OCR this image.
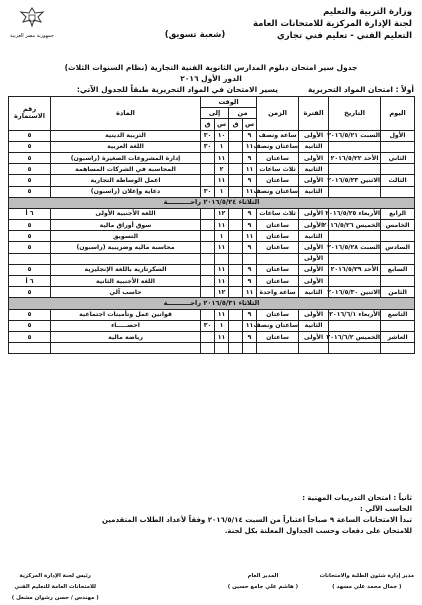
وزارة التربية والتعليم
لجنة الإدارة المركزية للامتحانات العامة
التعليم الفني - تعليم فني تجاري
جمهورية مصر العربية	(شعبة تسويق)
جدول سير امتحان دبلوم المدارس الثانوية الفنية التجارية (نظام السنوات الثلاث)
الدور الأول ٢٠١٦
أولاً : امتحان المواد التحريرية
يسير الامتحان في المواد التحريرية طبقاً للجدول الآتي:
اليوم	التاريخ	الفترة	الزمن	الوقت				المادة	رقم الاستمارة
				من		إلى			
				س	ق	س	ق		
الأول	السبت ٢٠١٦/٥/٢١	الأولى	ساعة ونصف	٩		١٠	٣٠	التربية الدينية	٥
		الثانية	ساعتان ونصف	١١		١	٣٠	اللغة العربية	٥
الثاني	الأحد ٢٠١٦/٥/٢٢	الأولى	ساعتان	٩		١١		إدارة المشروعات الصغيرة (راسبون)	٥
		الثانية	ثلاث ساعات	١١		٢		المحاسبة في الشركات المساهمة	٥
الثالث	الاثنين ٢٠١٦/٥/٢٣	الأولى	ساعتان	٩		١١		اعمل الوساطة التجارية	٥
		الثانية	ساعتان ونصف	١١		١	٣٠	دعاية وإعلان (راسبون)	٥
الثلاثاء ٢٠١٦/٥/٢٤ راحــــــــــة									
الرابع	الأربعاء ٢٠١٦/٥/٢٥	الأولى	ثلاث ساعات	٩		١٢		اللغة الأجنبية الأولى	٦ أ
الخامس	الخميس ٢٠١٦/٥/٢٦	الأولى	ساعتان	٩		١١		سوق أوراق مالية	٥
		الثانية	ساعتان	١١		١		التسويق	٥
السادس	السبت ٢٠١٦/٥/٢٨	الأولى	ساعتان	٩		١١		محاسبة مالية وضريبية (راسبون)	٥
		الأولى							
السابع	الأحد ٢٠١٦/٥/٢٩	الأولى	ساعتان	٩		١١		السكرتارية باللغة الإنجليزية	٥
		الأولى	ساعتان	٩		١١		اللغة الأجنبية الثانية	٦ أ
الثامن	الاثنين ٢٠١٦/٥/٣٠	الثانية	ساعة واحدة	١١		١٢		حاسب آلي	٥
الثلاثاء ٢٠١٦/٥/٣١ راحــــــــــة									
التاسع	الأربعاء ٢٠١٦/٦/١	الأولى	ساعتان	٩		١١		قوانين عمل وتأمينات اجتماعية	٥
		الثانية	ساعتان ونصف	١١		١	٣٠	احصـــــاء	٥
العاشر	الخميس ٢٠١٦/٦/٢	الأولى	ساعتان	٩		١١		رياضة مالية	٥

ثانياً : امتحان التدريبات المهنية :
الحاسب الآلي :
تبدأ الامتحانات الساعة ٩ صباحاً اعتباراً من السبت ٢٠١٦/٥/١٤ وفقاً لأعداد الطلاب المتقدمين
للامتحان على دفعات وحسب الجداول المعلنة بكل لجنة.
مدير إدارة شئون الطلبة والامتحانات
( جمال محمد علي مسهد )
المدير العام
( هاشم علي جامع حسين )
رئيس لجنة الإدارة المركزية للامتحانات العامة للتعليم الفني
( مهندس / حسن رشوان مشعل )
